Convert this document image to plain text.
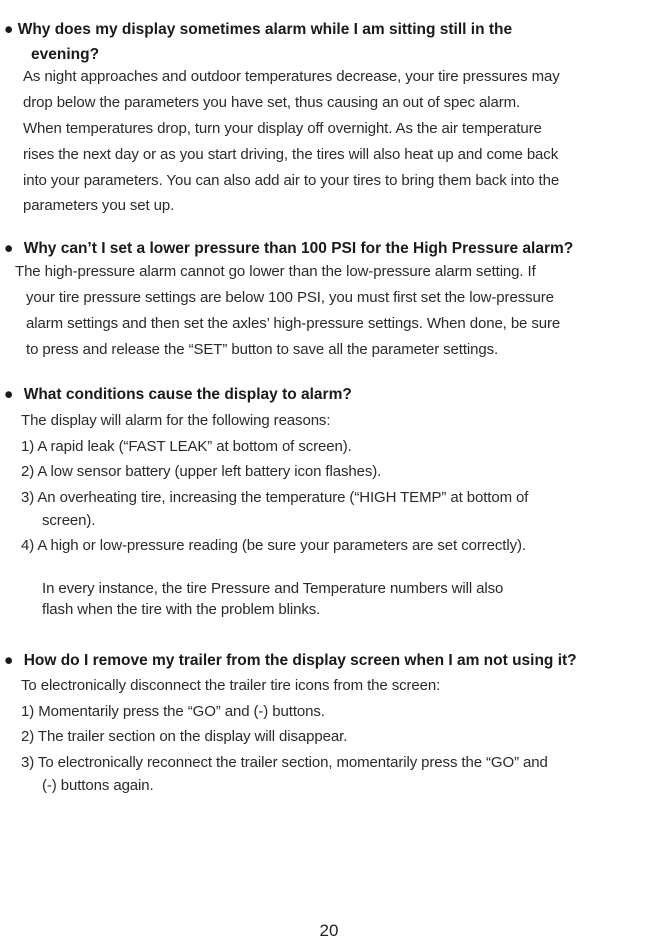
● Why does my display sometimes alarm while I am sitting still in the
evening?
As night approaches and outdoor temperatures decrease, your tire pressures may
drop below the parameters you have set, thus causing an out of spec alarm.
When temperatures drop, turn your display off overnight. As the air temperature
rises the next day or as you start driving, the tires will also heat up and come back
into your parameters. You can also add air to your tires to bring them back into the
parameters you set up.
● Why can’t I set a lower pressure than 100 PSI for the High Pressure alarm?
The high-pressure alarm cannot go lower than the low-pressure alarm setting. If
your tire pressure settings are below 100 PSI, you must first set the low-pressure
alarm settings and then set the axles’ high-pressure settings. When done, be sure
to press and release the “SET” button to save all the parameter settings.
● What conditions cause the display to alarm?
The display will alarm for the following reasons:
1) A rapid leak (“FAST LEAK” at bottom of screen).
2) A low sensor battery (upper left battery icon flashes).
3) An overheating tire, increasing the temperature (“HIGH TEMP” at bottom of
screen).
4) A high or low-pressure reading (be sure your parameters are set correctly).
In every instance, the tire Pressure and Temperature numbers will also
flash when the tire with the problem blinks.
● How do I remove my trailer from the display screen when I am not using it?
To electronically disconnect the trailer tire icons from the screen:
1) Momentarily press the “GO” and (-) buttons.
2) The trailer section on the display will disappear.
3) To electronically reconnect the trailer section, momentarily press the “GO” and
(-) buttons again.
20
